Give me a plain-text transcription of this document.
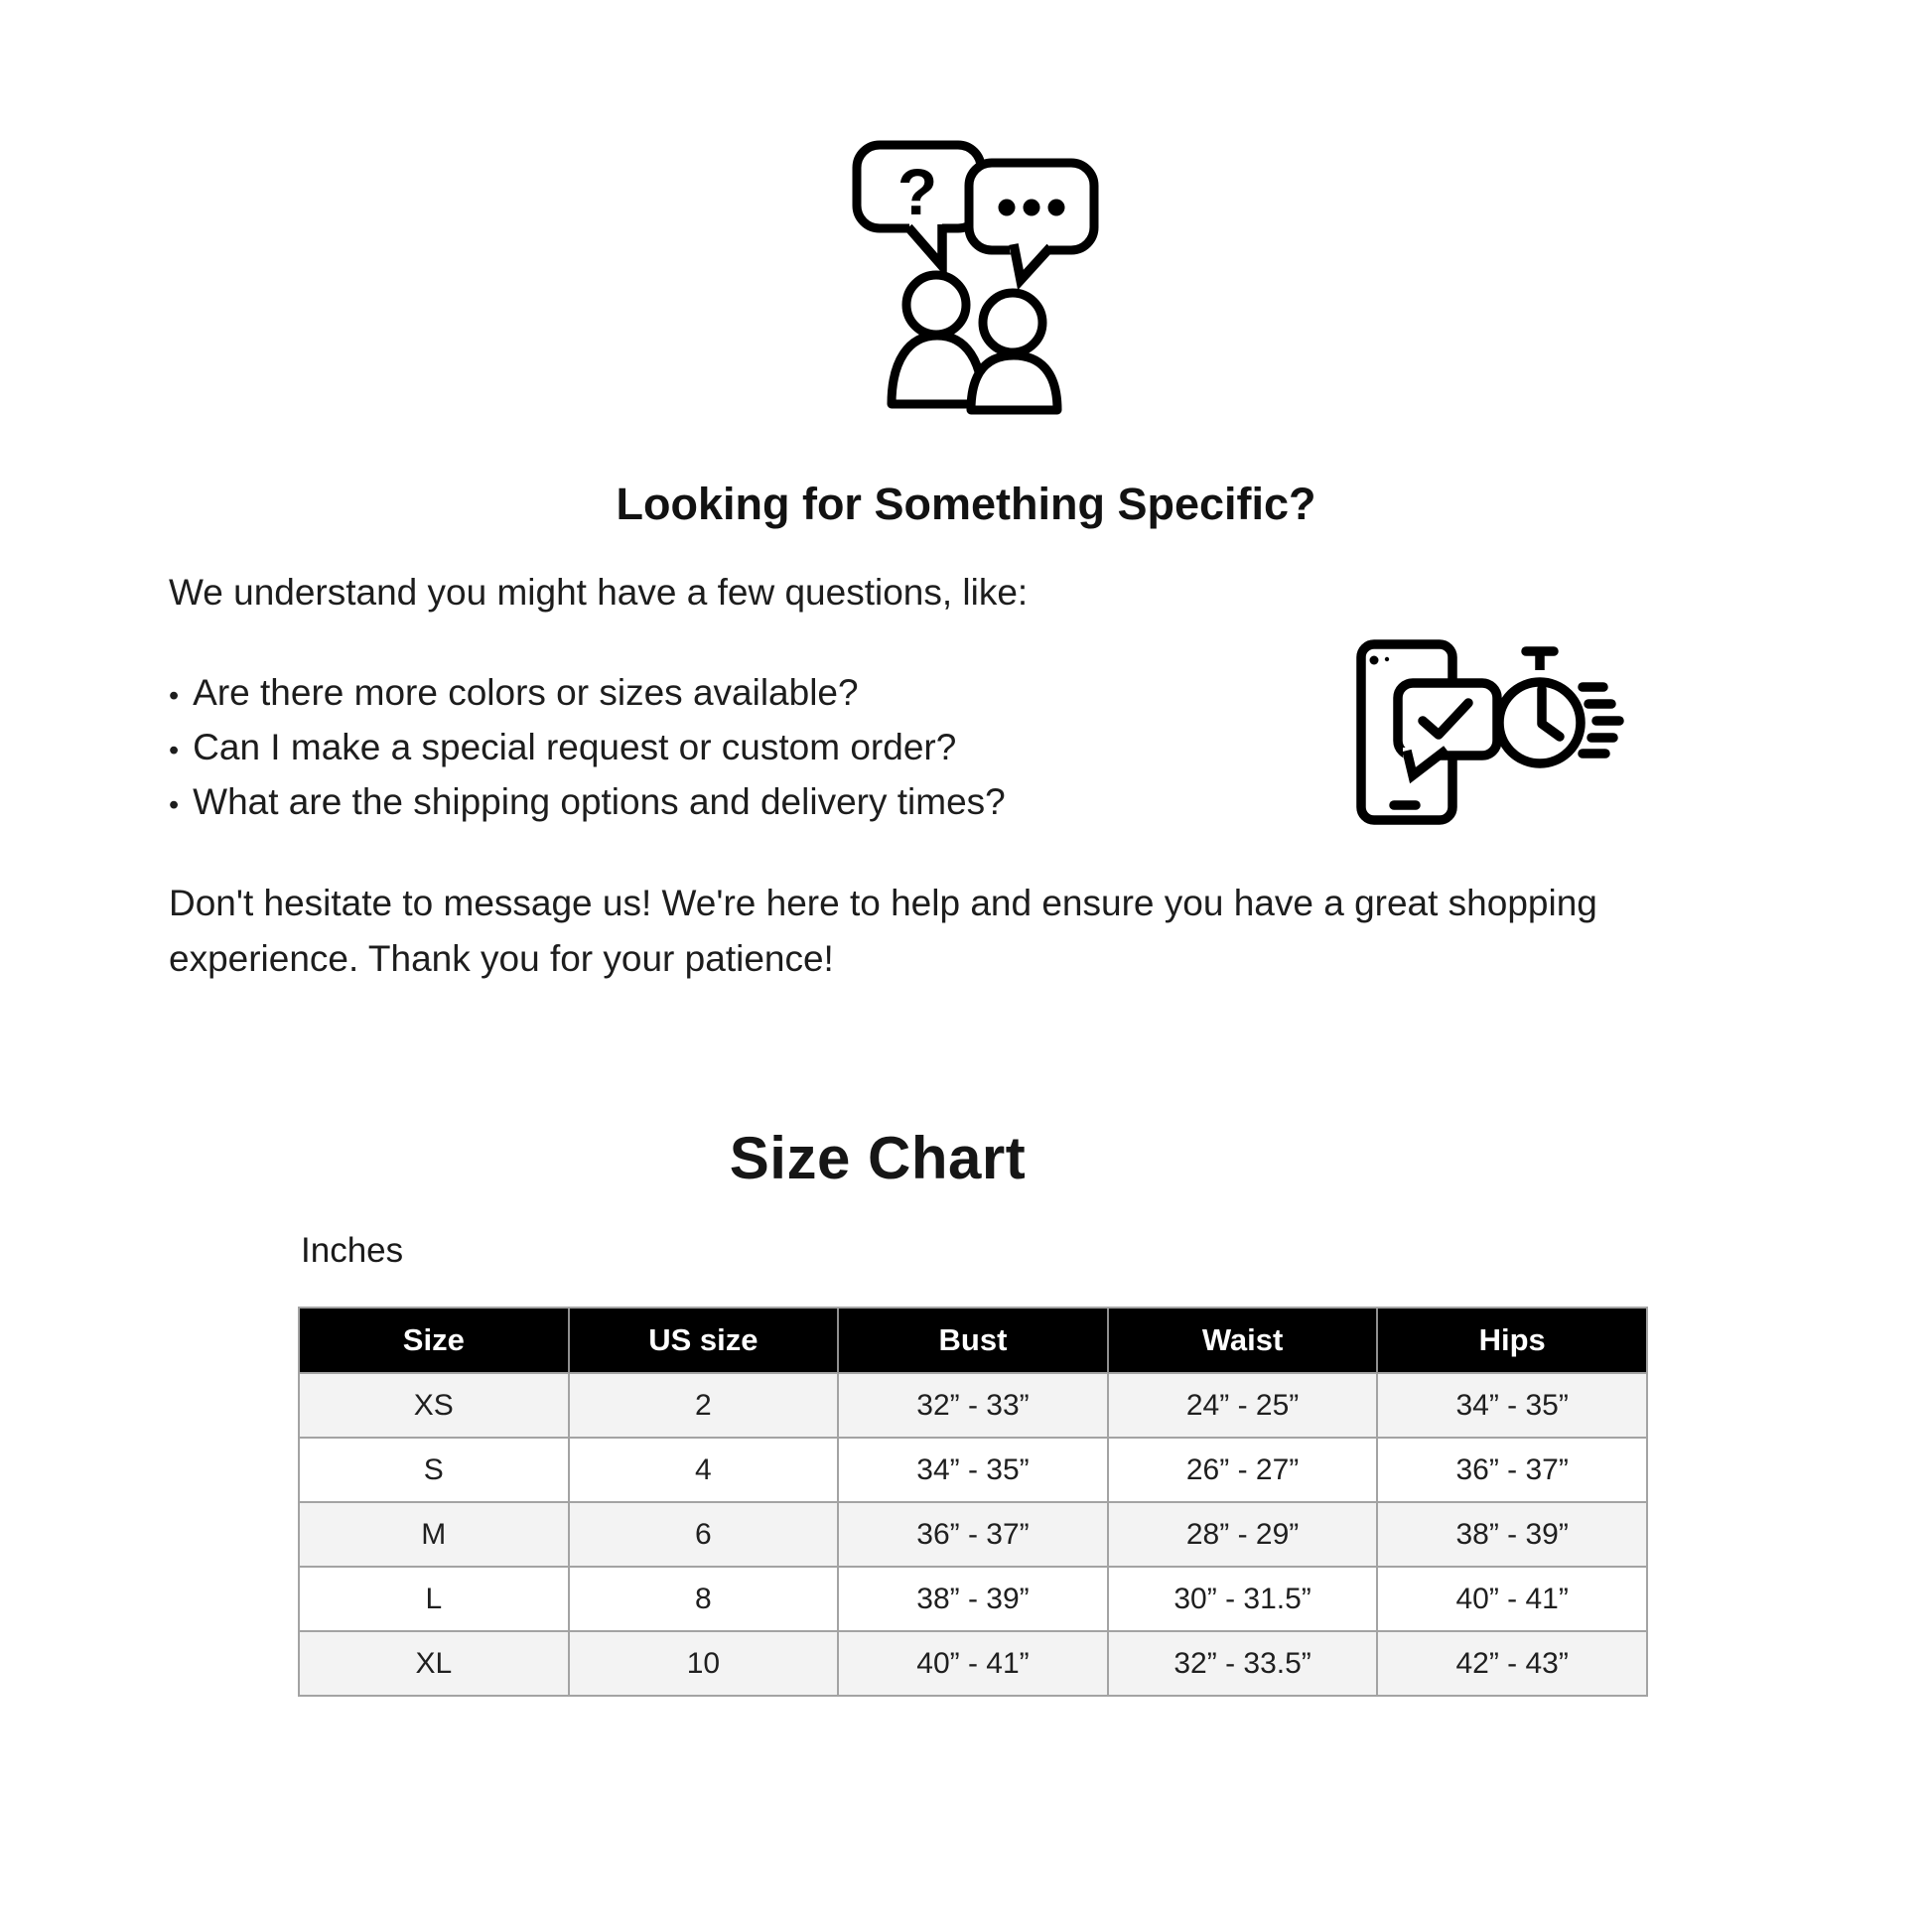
?
Looking for Something Specific?
We understand you might have a few questions, like:
• Are there more colors or sizes available?
• Can I make a special request or custom order?
• What are the shipping options and delivery times?
Don't hesitate to message us! We're here to help and ensure you have a great shopping
experience. Thank you for your patience!
Size Chart
Inches
Size	US size	Bust	Waist	Hips
XS	2	32” - 33”	24” - 25”	34” - 35”
S	4	34” - 35”	26” - 27”	36” - 37”
M	6	36” - 37”	28” - 29”	38” - 39”
L	8	38” - 39”	30” - 31.5”	40” - 41”
XL	10	40” - 41”	32” - 33.5”	42” - 43”
